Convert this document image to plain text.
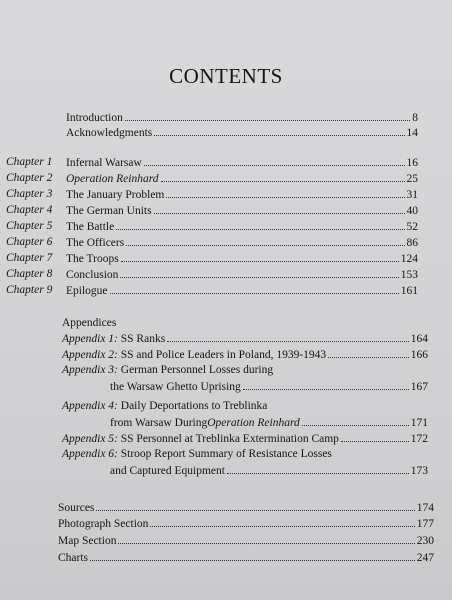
CONTENTS
Introduction	8
Acknowledgments	14
Chapter 1	Infernal Warsaw	16
Chapter 2	Operation Reinhard	25
Chapter 3	The January Problem	31
Chapter 4	The German Units	40
Chapter 5	The Battle	52
Chapter 6	The Officers	86
Chapter 7	The Troops	124
Chapter 8	Conclusion	153
Chapter 9	Epilogue	161
Appendices
Appendix 1:
SS Ranks	164
Appendix 2:
SS and Police Leaders in Poland, 1939-1943	166
Appendix 3: German Personnel Losses during
the Warsaw Ghetto Uprising	167
Appendix 4: Daily Deportations to Treblinka
from Warsaw During Operation Reinhard	171
Appendix 5:
SS Personnel at Treblinka Extermination Camp	172
Appendix 6: Stroop Report Summary of Resistance Losses
and Captured Equipment	173
Sources	174
Photograph Section	177
Map Section	230
Charts	247
